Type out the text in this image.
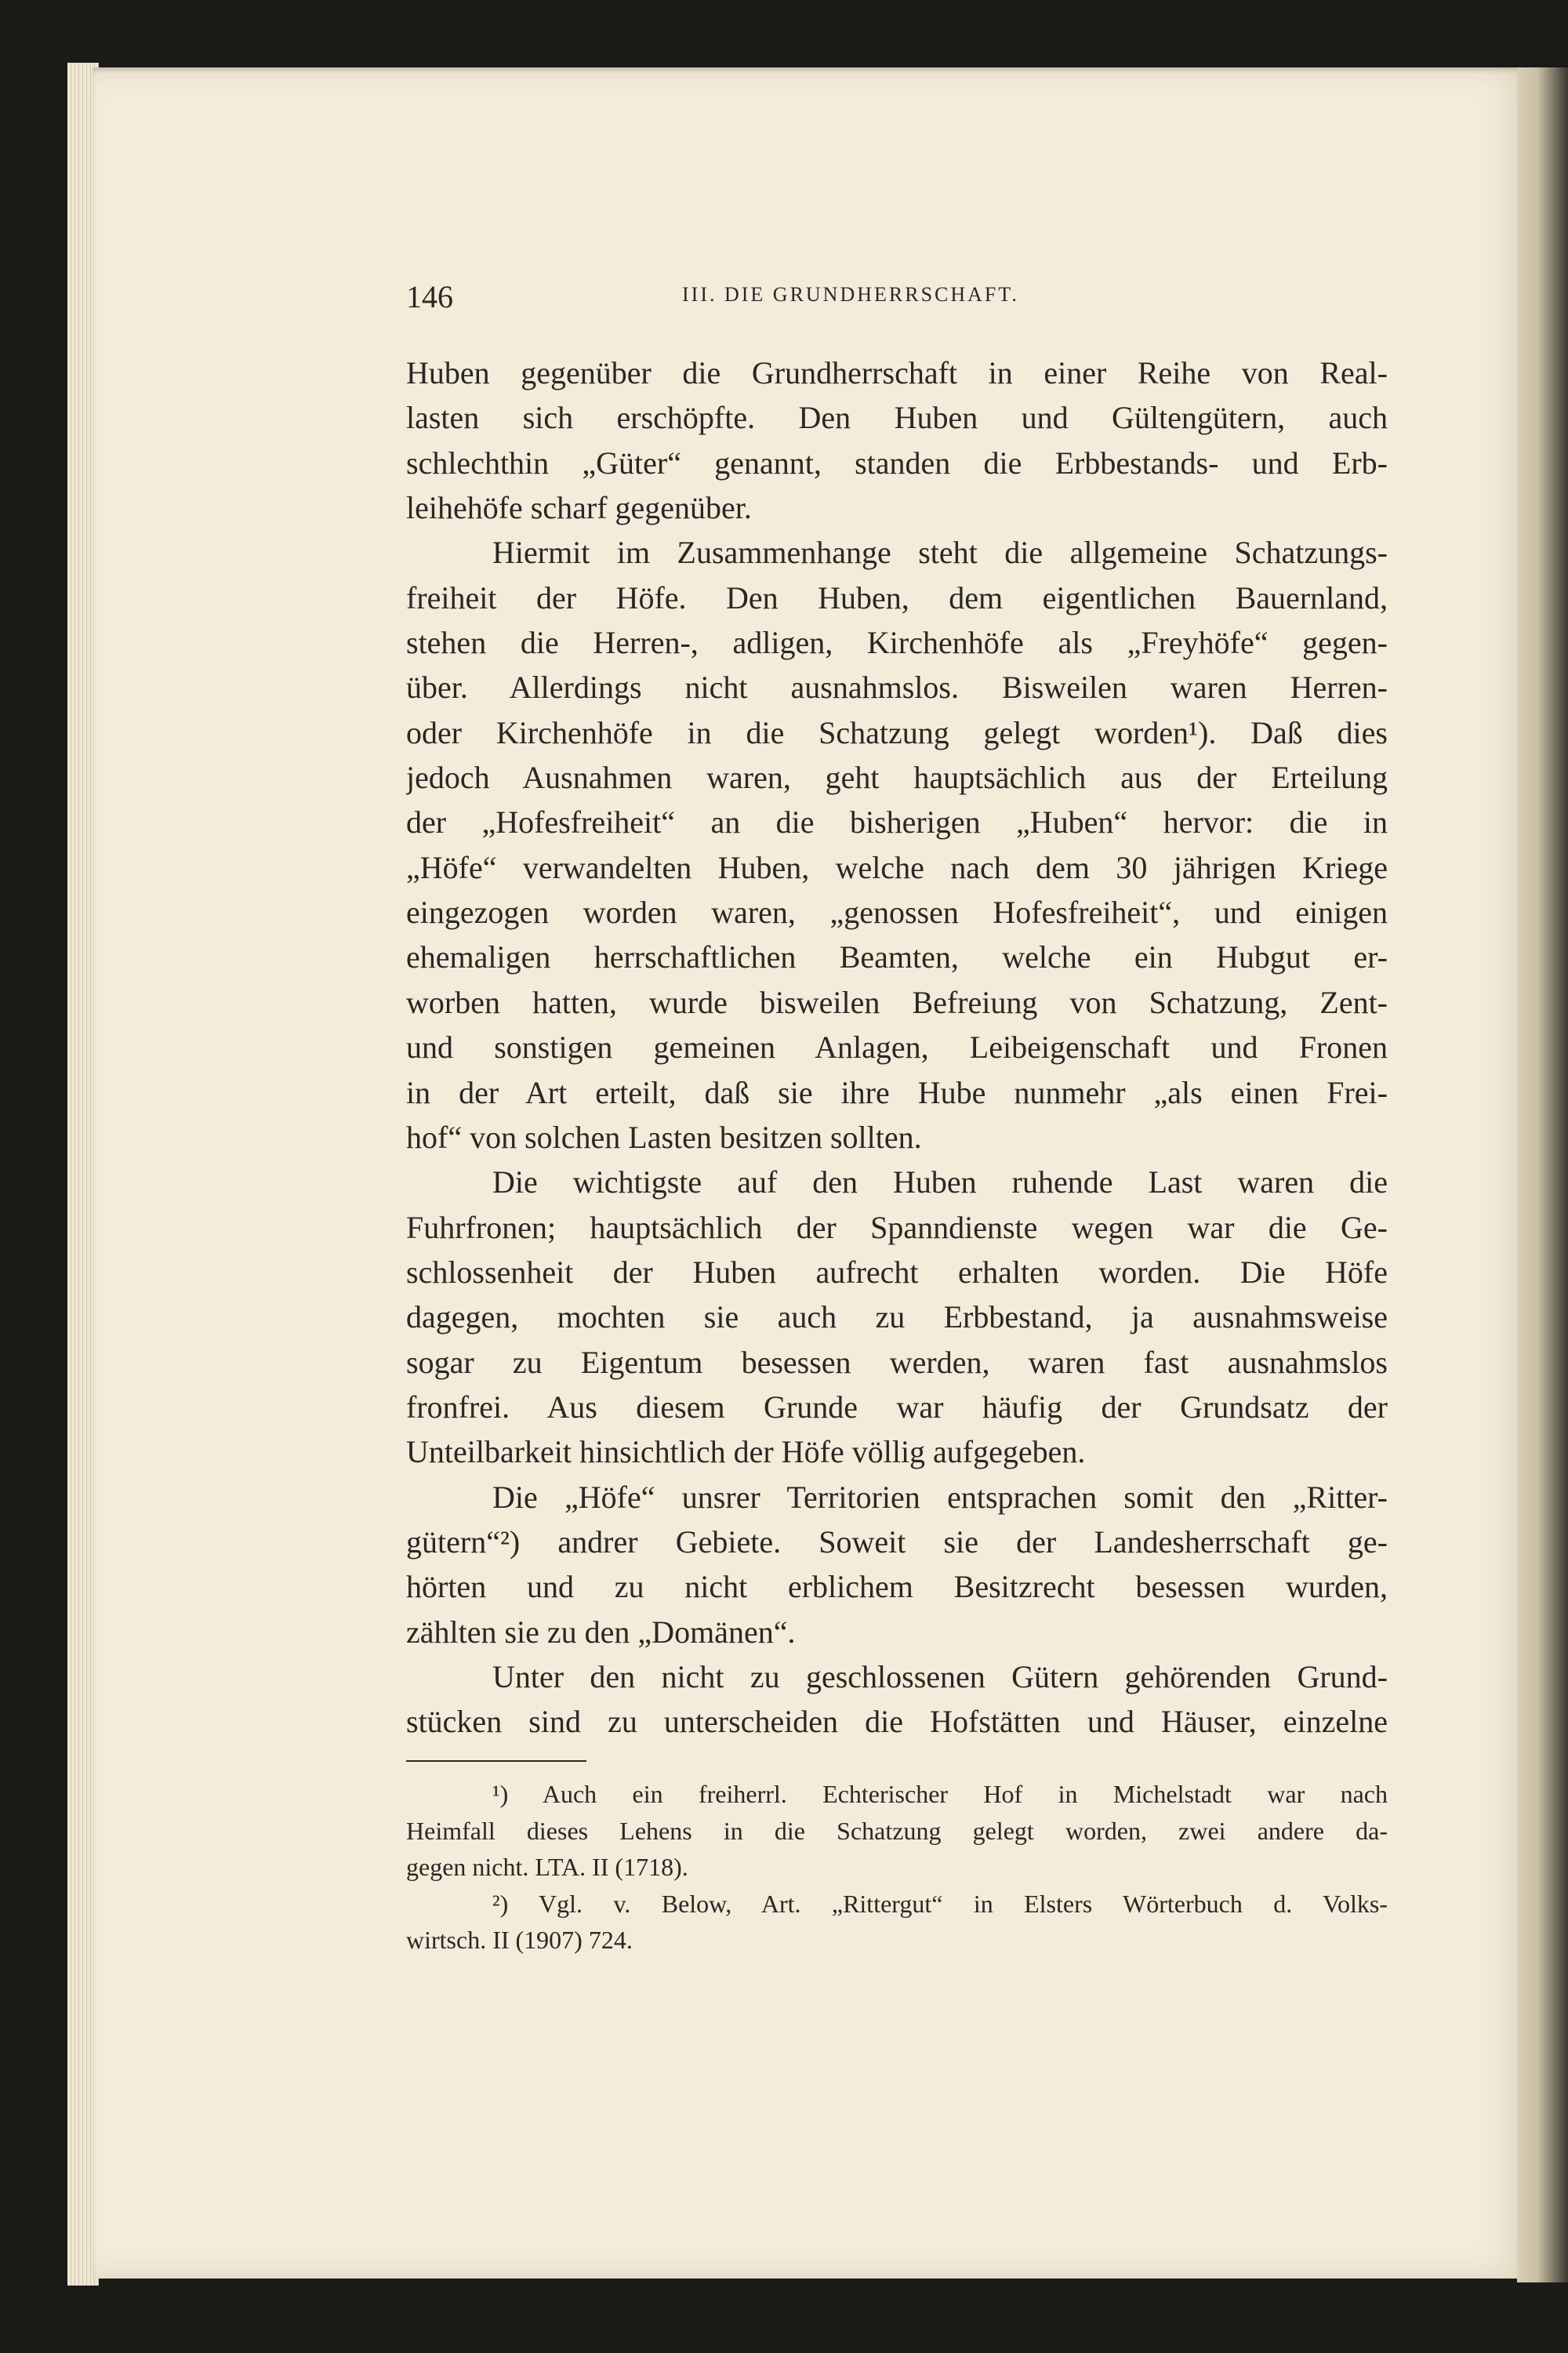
146	III. DIE GRUNDHERRSCHAFT.
Huben gegenüber die Grundherrschaft in einer Reihe von Real-
lasten sich erschöpfte. Den Huben und Gültengütern, auch
schlechthin „Güter“ genannt, standen die Erbbestands- und Erb-
leihehöfe scharf gegenüber.
Hiermit im Zusammenhange steht die allgemeine Schatzungs-
freiheit der Höfe. Den Huben, dem eigentlichen Bauernland,
stehen die Herren-, adligen, Kirchenhöfe als „Freyhöfe“ gegen-
über. Allerdings nicht ausnahmslos. Bisweilen waren Herren-
oder Kirchenhöfe in die Schatzung gelegt worden¹). Daß dies
jedoch Ausnahmen waren, geht hauptsächlich aus der Erteilung
der „Hofesfreiheit“ an die bisherigen „Huben“ hervor: die in
„Höfe“ verwandelten Huben, welche nach dem 30 jährigen Kriege
eingezogen worden waren, „genossen Hofesfreiheit“, und einigen
ehemaligen herrschaftlichen Beamten, welche ein Hubgut er-
worben hatten, wurde bisweilen Befreiung von Schatzung, Zent-
und sonstigen gemeinen Anlagen, Leibeigenschaft und Fronen
in der Art erteilt, daß sie ihre Hube nunmehr „als einen Frei-
hof“ von solchen Lasten besitzen sollten.
Die wichtigste auf den Huben ruhende Last waren die
Fuhrfronen; hauptsächlich der Spanndienste wegen war die Ge-
schlossenheit der Huben aufrecht erhalten worden. Die Höfe
dagegen, mochten sie auch zu Erbbestand, ja ausnahmsweise
sogar zu Eigentum besessen werden, waren fast ausnahmslos
fronfrei. Aus diesem Grunde war häufig der Grundsatz der
Unteilbarkeit hinsichtlich der Höfe völlig aufgegeben.
Die „Höfe“ unsrer Territorien entsprachen somit den „Ritter-
gütern“²) andrer Gebiete. Soweit sie der Landesherrschaft ge-
hörten und zu nicht erblichem Besitzrecht besessen wurden,
zählten sie zu den „Domänen“.
Unter den nicht zu geschlossenen Gütern gehörenden Grund-
stücken sind zu unterscheiden die Hofstätten und Häuser, einzelne
¹) Auch ein freiherrl. Echterischer Hof in Michelstadt war nach
Heimfall dieses Lehens in die Schatzung gelegt worden, zwei andere da-
gegen nicht. LTA. II (1718).
²) Vgl. v. Below, Art. „Rittergut“ in Elsters Wörterbuch d. Volks-
wirtsch. II (1907) 724.
